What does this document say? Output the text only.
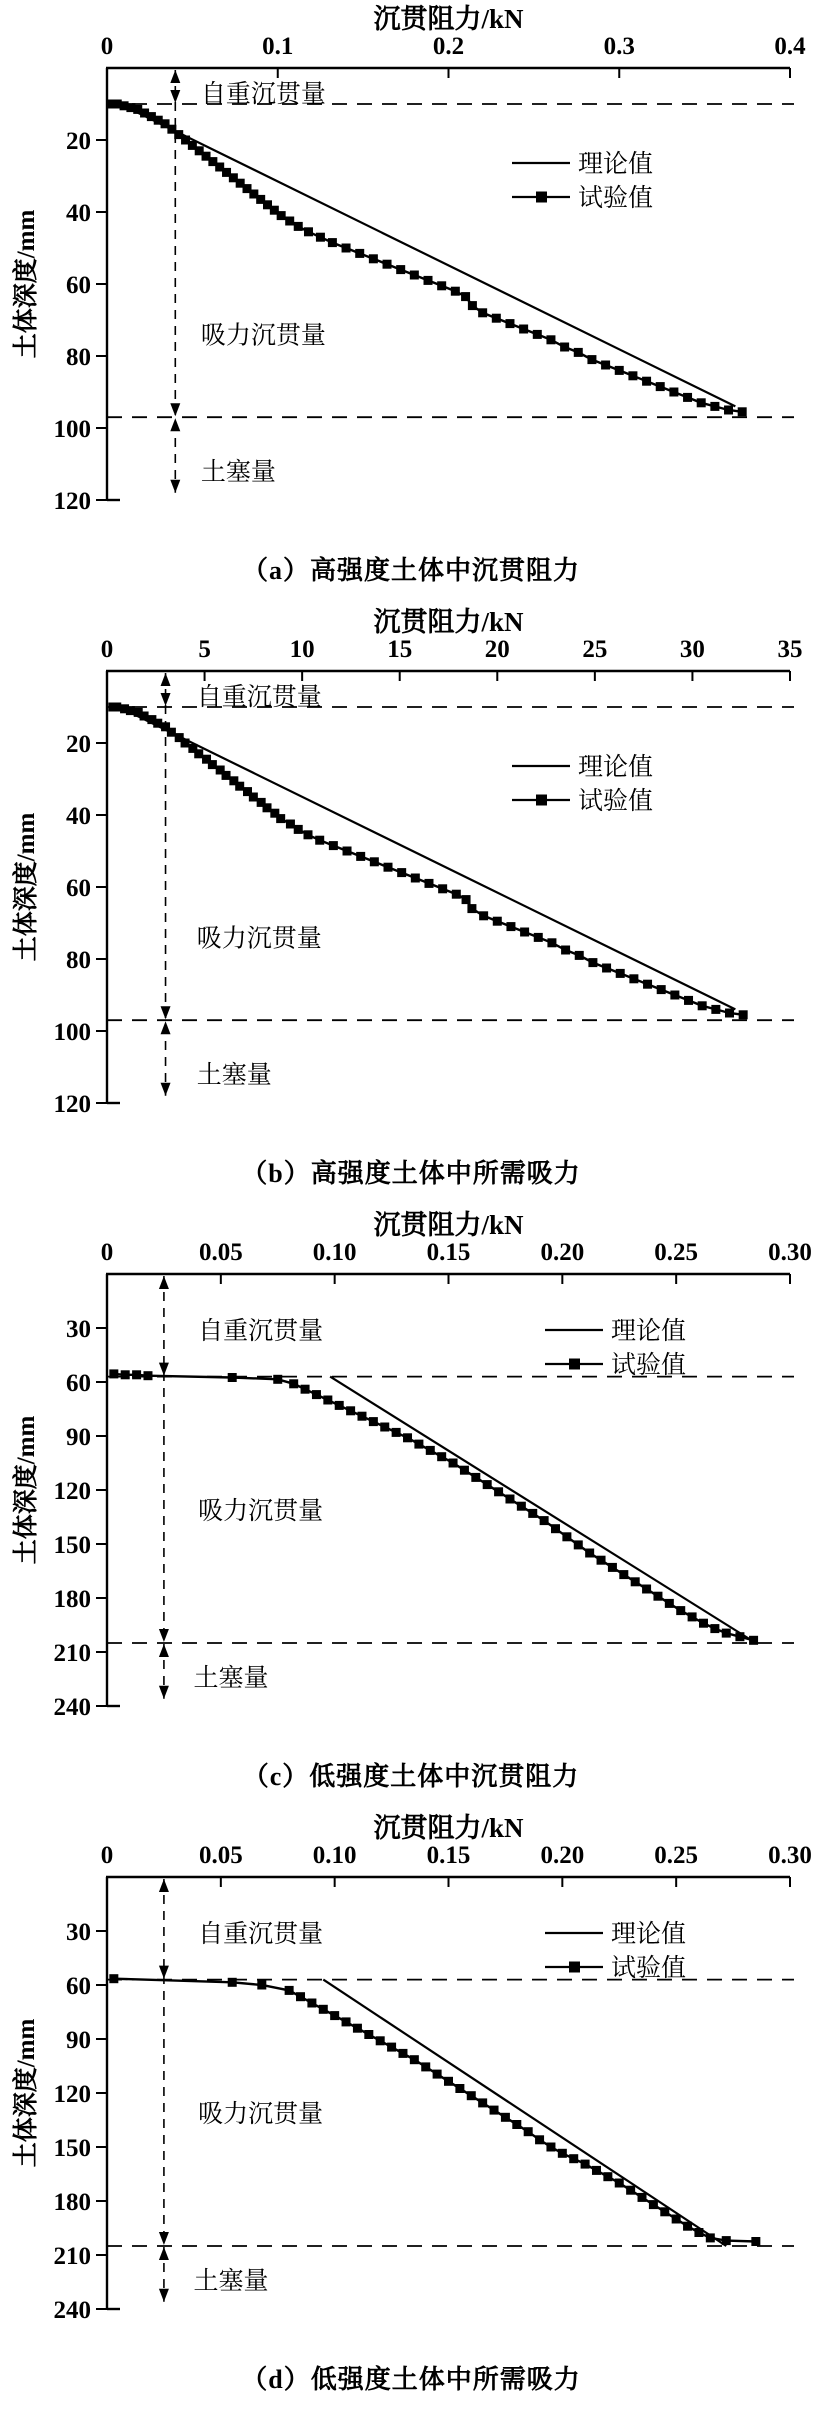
自重沉贯量
吸力沉贯量
土塞量
0	0.1	0.2	0.3	0.4
20
40
60
80
100
120
沉贯阻力/kN
土体深度/mm
理论值
试验值
（a）高强度土体中沉贯阻力
自重沉贯量
吸力沉贯量
土塞量
0	5	10	15	20	25	30	35
20
40
60
80
100
120
沉贯阻力/kN
土体深度/mm
理论值
试验值
（b）高强度土体中所需吸力
自重沉贯量
吸力沉贯量
土塞量
0	0.05	0.10	0.15	0.20	0.25	0.30
30
60
90
120
150
180
210
240
沉贯阻力/kN
土体深度/mm
理论值
试验值
（c）低强度土体中沉贯阻力
自重沉贯量
吸力沉贯量
土塞量
0	0.05	0.10	0.15	0.20	0.25	0.30
30
60
90
120
150
180
210
240
沉贯阻力/kN
土体深度/mm
理论值
试验值
（d）低强度土体中所需吸力
